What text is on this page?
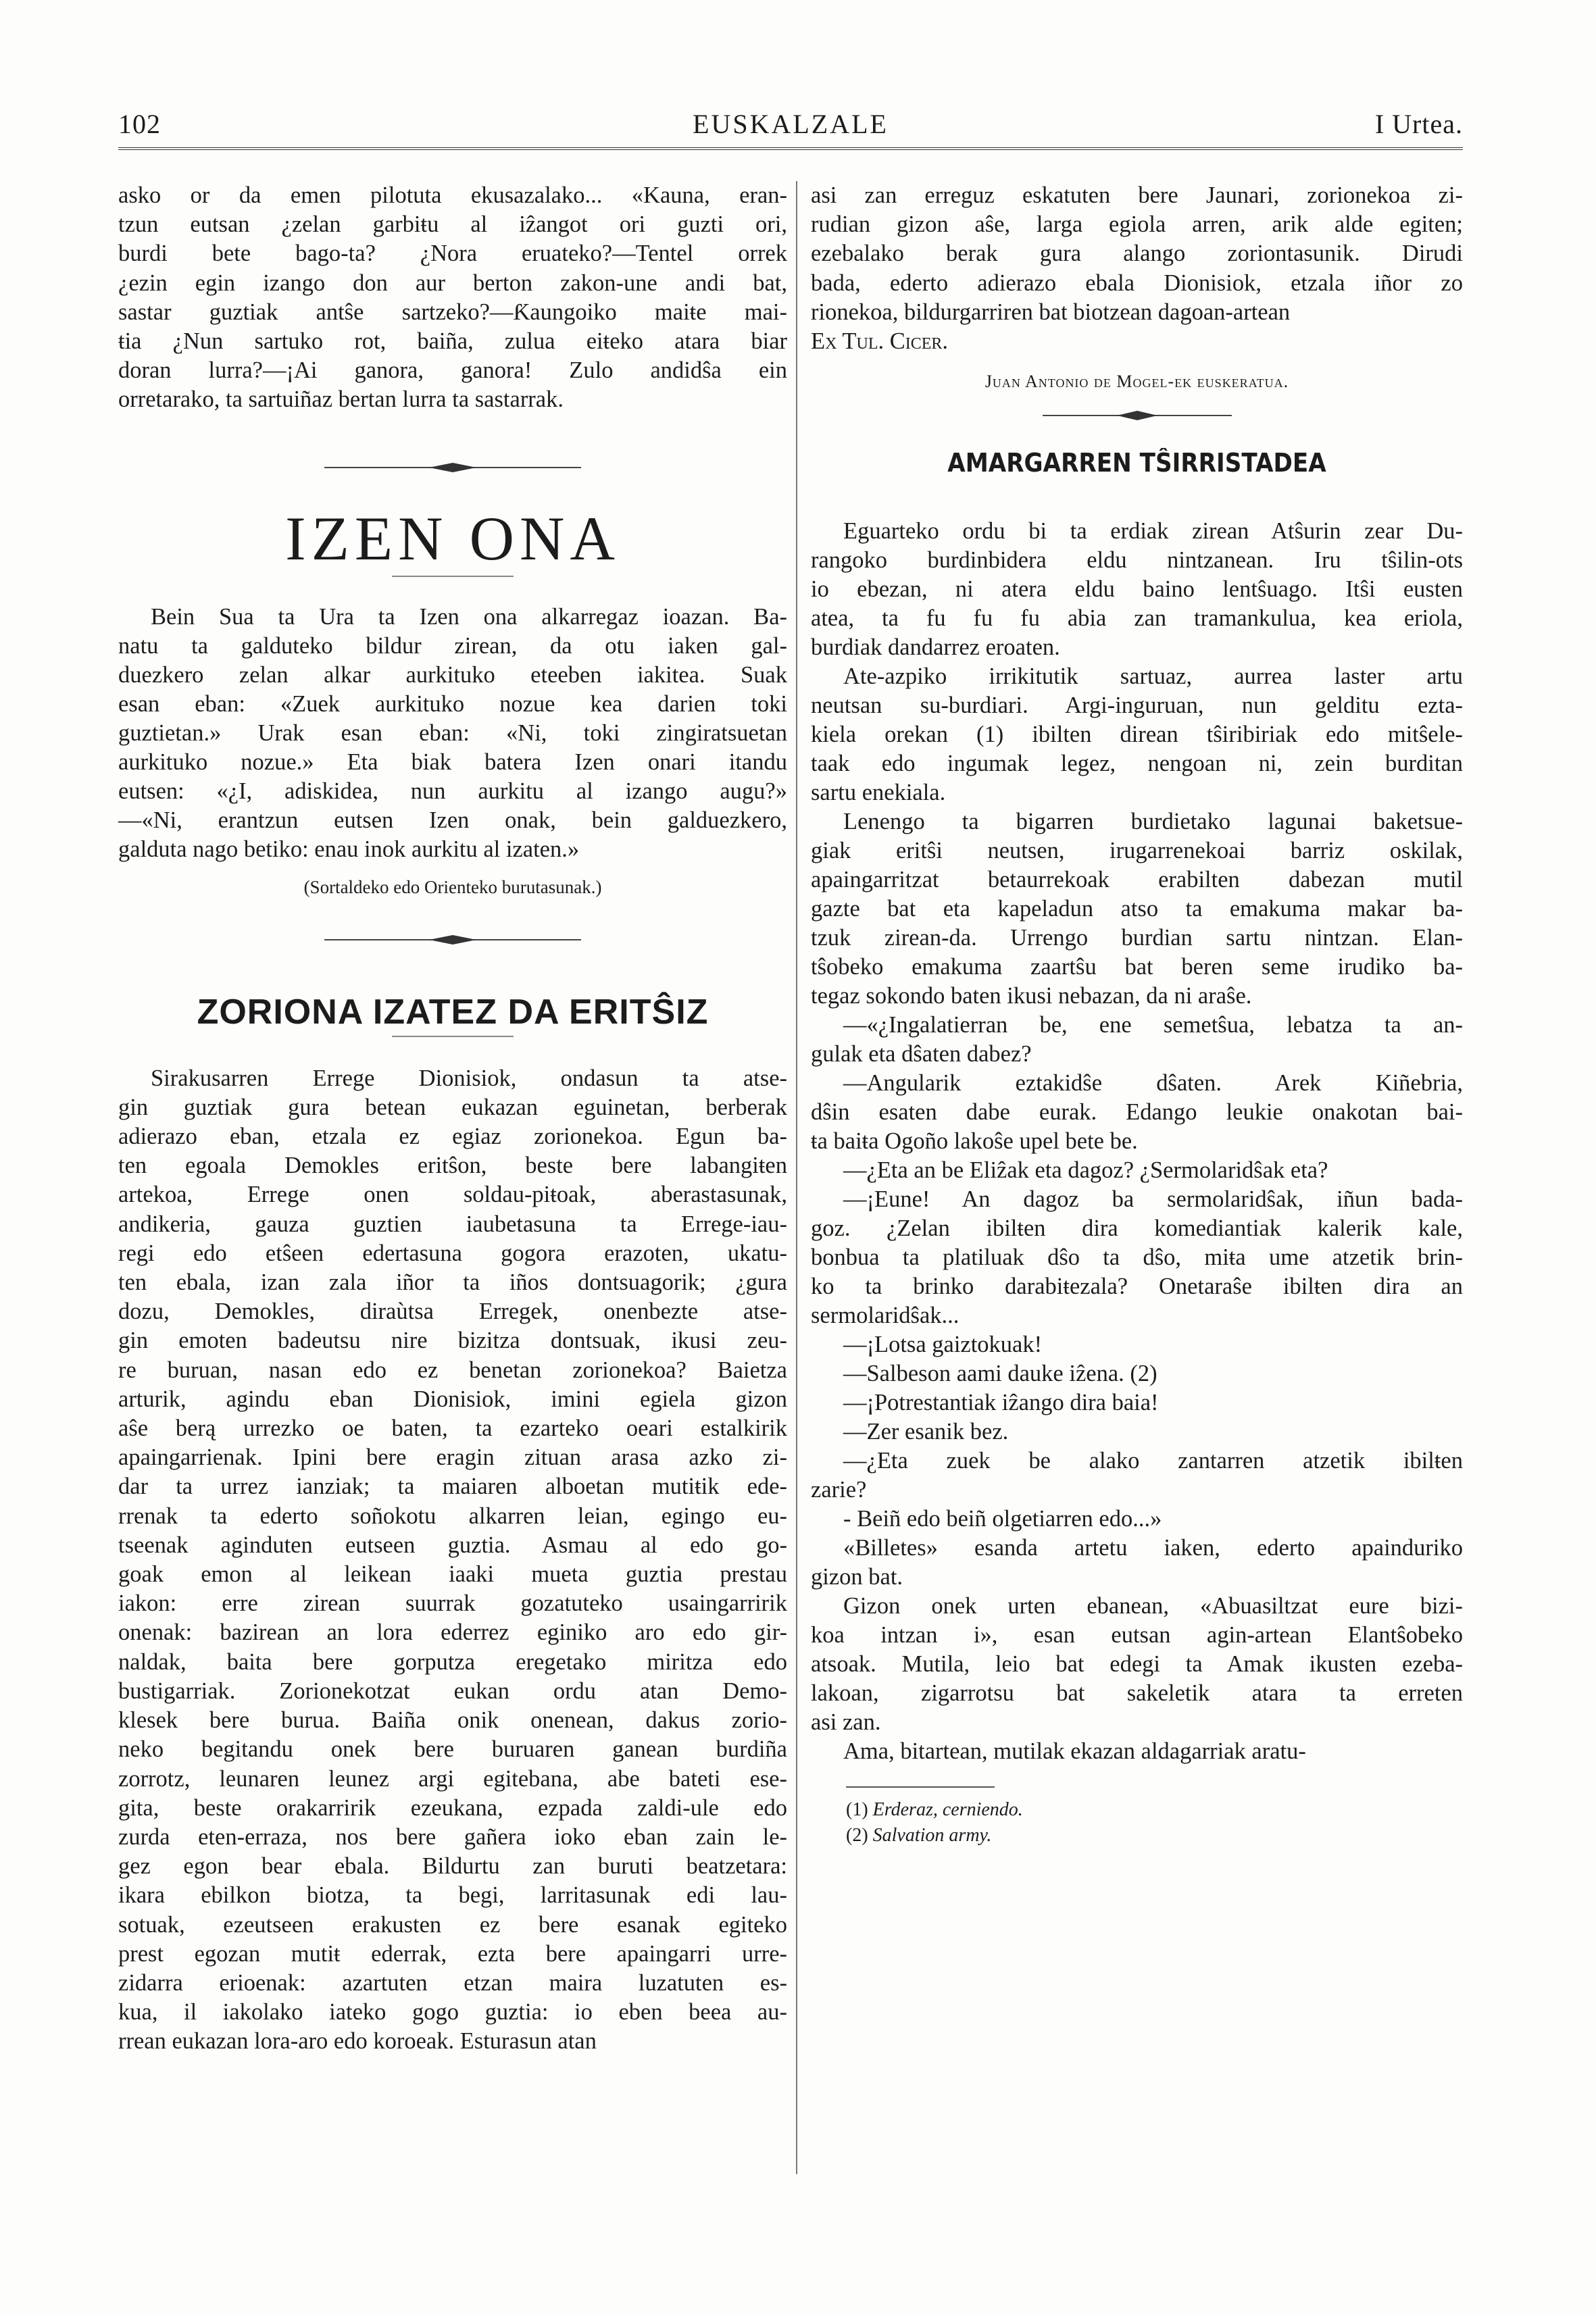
102	EUSKALZALE	I Urtea.
asko or da emen pilotuta ekusazalako... «Kauna, eran-
tzun eutsan ¿zelan garbiŧu al iẑangot ori guzti ori,
burdi bete bago-ta? ¿Nora eruateko?—Tentel orrek
¿ezin egin izango don aur berton zakon-une andi bat,
sastar guztiak antŝe sartzeko?—Ƙaungoiko maiŧe mai-
ŧia ¿Nun sartuko rot, baiña, zulua eiŧeko atara biar
doran lurra?—¡Ai ganora, ganora! Zulo andidŝa ein
orretarako, ta sartuiñaz bertan lurra ta sastarrak.
IZEN ONA
Bein Sua ta Ura ta Izen ona alkarregaz ioazan. Ba-
natu ta galduteko bildur zirean, da otu iaken gal-
duezkero zelan alkar aurkituko eteeben iakitea. Suak
esan eban: «Zuek aurkituko nozue kea darien toki
guztietan.» Urak esan eban: «Ni, toki zingiratsuetan
aurkituko nozue.» Eta biak batera Izen onari itandu
eutsen: «¿I, adiskidea, nun aurkitu al izango augu?»
—«Ni, erantzun eutsen Izen onak, bein galduezkero,
galduta nago betiko: enau inok aurkitu al izaten.»
(Sortaldeko edo Orienteko burutasunak.)
ZORIONA IZATEZ DA ERITŜIZ
Sirakusarren Errege Dionisiok, ondasun ta atse-
gin guztiak gura betean eukazan eguinetan, berberak
adierazo eban, etzala ez egiaz zorionekoa. Egun ba-
ten egoala Demokles eritŝon, beste bere labangiŧen
artekoa, Errege onen soldau-piŧoak, aberastasunak,
andikeria, gauza guztien iaubetasuna ta Errege-iau-
regi edo etŝeen edertasuna gogora erazoten, ukatu-
ten ebala, izan zala iñor ta iños dontsuagorik; ¿gura
dozu, Demokles, diraùtsa Erregek, onenbezte atse-
gin emoten badeutsu nire bizitza dontsuak, ikusi zeu-
re buruan, nasan edo ez benetan zorionekoa? Baietza
arturik, agindu eban Dionisiok, imini egiela gizon
aŝe berą urrezko oe baten, ta ezarteko oeari estalkirik
apaingarrienak. Ipini bere eragin zituan arasa azko zi-
dar ta urrez ianziak; ta maiaren alboetan mutiŧik ede-
rrenak ta ederto soñokotu alkarren leian, egingo eu-
tseenak aginduten eutseen guztia. Asmau al edo go-
goak emon al leikean iaaki mueta guztia prestau
iakon: erre zirean suurrak gozatuteko usaingarririk
onenak: bazirean an lora ederrez eginiko aro edo gir-
naldak, baita bere gorputza eregetako miritza edo
bustigarriak. Zorionekotzat eukan ordu atan Demo-
klesek bere burua. Baiña onik onenean, dakus zorio-
neko begitandu onek bere buruaren ganean burdiña
zorrotz, leunaren leunez argi egitebana, abe bateti ese-
gita, beste orakarririk ezeukana, ezpada zaldi-ule edo
zurda eten-erraza, nos bere gañera ioko eban zain le-
gez egon bear ebala. Bildurtu zan buruti beatzetara:
ikara ebilkon biotza, ta begi, larritasunak edi lau-
sotuak, ezeutseen erakusten ez bere esanak egiteko
prest egozan mutiŧ ederrak, ezta bere apaingarri urre-
zidarra erioenak: azartuten etzan maira luzatuten es-
kua, il iakolako iateko gogo guztia: io eben beea au-
rrean eukazan lora-aro edo koroeak. Esturasun atan
asi zan erreguz eskatuten bere Jaunari, zorionekoa zi-
rudian gizon aŝe, larga egiola arren, arik alde egiten;
ezebalako berak gura alango zoriontasunik. Dirudi
bada, ederto adierazo ebala Dionisiok, etzala iñor zo
rionekoa, bildurgarriren bat biotzean dagoan-artean
Ex Tul. Cicer.
Juan Antonio de Mogel-ek euskeratua.
AMARGARREN TŜIRRISTADEA
Eguarteko ordu bi ta erdiak zirean Atŝurin zear Du-
rangoko burdinbidera eldu nintzanean. Iru tŝilin-ots
io ebezan, ni atera eldu baino lentŝuago. Itŝi eusten
atea, ta fu fu fu abia zan tramankulua, kea eriola,
burdiak dandarrez eroaten.
Ate-azpiko irrikitutik sartuaz, aurrea laster artu
neutsan su-burdiari. Argi-inguruan, nun gelditu ezta-
kiela orekan (1) ibilten direan tŝiribiriak edo mitŝele-
taak edo ingumak legez, nengoan ni, zein burditan
sartu enekiala.
Lenengo ta bigarren burdietako lagunai baketsue-
giak eritŝi neutsen, irugarrenekoai barriz oskilak,
apaingarritzat betaurrekoak erabilten dabezan mutil
gazte bat eta kapeladun atso ta emakuma makar ba-
tzuk zirean-da. Urrengo burdian sartu nintzan. Elan-
tŝobeko emakuma zaartŝu bat beren seme irudiko ba-
tegaz sokondo baten ikusi nebazan, da ni araŝe.
—«¿Ingalatierran be, ene semetŝua, lebatza ta an-
gulak eta dŝaten dabez?
—Angularik eztakidŝe dŝaten. Arek Kiñebria,
dŝin esaten dabe eurak. Edango leukie onakotan bai-
ŧa baiŧa Ogoño lakoŝe upel bete be.
—¿Eta an be Eliẑak eta dagoz? ¿Sermolaridŝak eta?
—¡Eune! An dagoz ba sermolaridŝak, iñun bada-
goz. ¿Zelan ibilŧen dira komediantiak kalerik kale,
bonbua ta platiluak dŝo ta dŝo, miŧa ume atzetik brin-
ko ta brinko darabiŧezala? Onetaraŝe ibilŧen dira an
sermolaridŝak...
—¡Lotsa gaiztokuak!
—Salbeson aami dauke iẑena. (2)
—¡Potrestantiak iẑango dira baia!
—Zer esanik bez.
—¿Eta zuek be alako zantarren atzetik ibilŧen
zarie?
- Beiñ edo beiñ olgetiarren edo...»
«Billetes» esanda artetu iaken, ederto apainduriko
gizon bat.
Gizon onek urten ebanean, «Abuasiltzat eure bizi-
koa intzan i», esan eutsan agin-artean Elantŝobeko
atsoak. Mutila, leio bat edegi ta Amak ikusten ezeba-
lakoan, zigarrotsu bat sakeletik atara ta erreten
asi zan.
Ama, bitartean, mutilak ekazan aldagarriak aratu-
(1) Erderaz, cerniendo.
(2) Salvation army.
